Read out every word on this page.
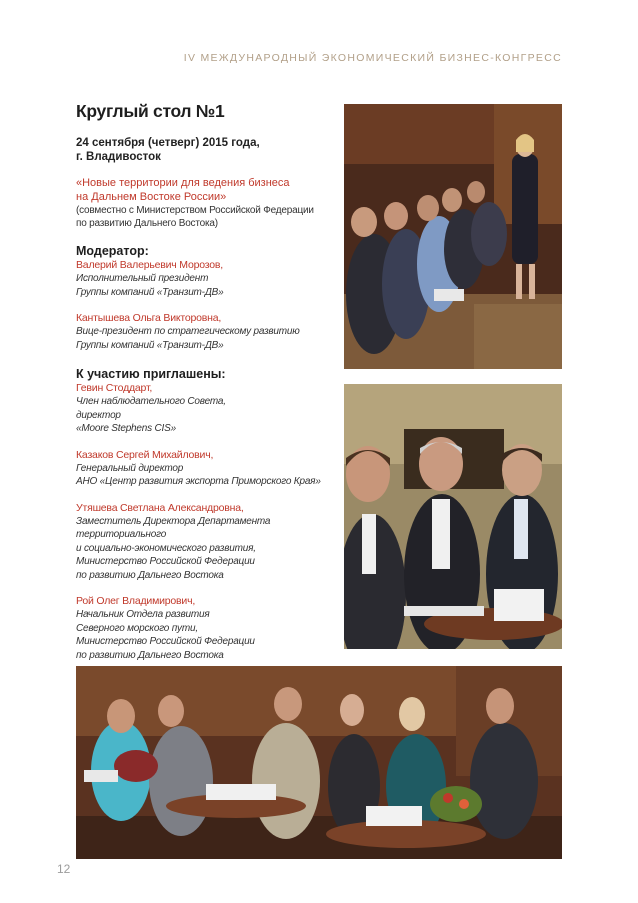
IV МЕЖДУНАРОДНЫЙ ЭКОНОМИЧЕСКИЙ БИЗНЕС-КОНГРЕСС
Круглый стол №1
24 сентября (четверг) 2015 года,
г. Владивосток
«Новые территории для ведения бизнеса
на Дальнем Востоке России»
(совместно с Министерством Российской Федерации
по развитию Дальнего Востока)
Модератор:
Валерий Валерьевич Морозов,
Исполнительный президент
Группы компаний «Транзит-ДВ»
Кантышева Ольга Викторовна,
Вице-президент по стратегическому развитию
Группы компаний «Транзит-ДВ»
К участию приглашены:
Гевин Стоддарт,
Член наблюдательного Совета,
директор
«Moore Stephens CIS»
Казаков Сергей Михайлович,
Генеральный директор
АНО «Центр развития экспорта Приморского Края»
Утяшева Светлана Александровна,
Заместитель Директора Департамента
территориального
и социально-экономического развития,
Министерство Российской Федерации
по развитию Дальнего Востока
Рой Олег Владимирович,
Начальник Отдела развития
Северного морского пути,
Министерство Российской Федерации
по развитию Дальнего Востока
12
